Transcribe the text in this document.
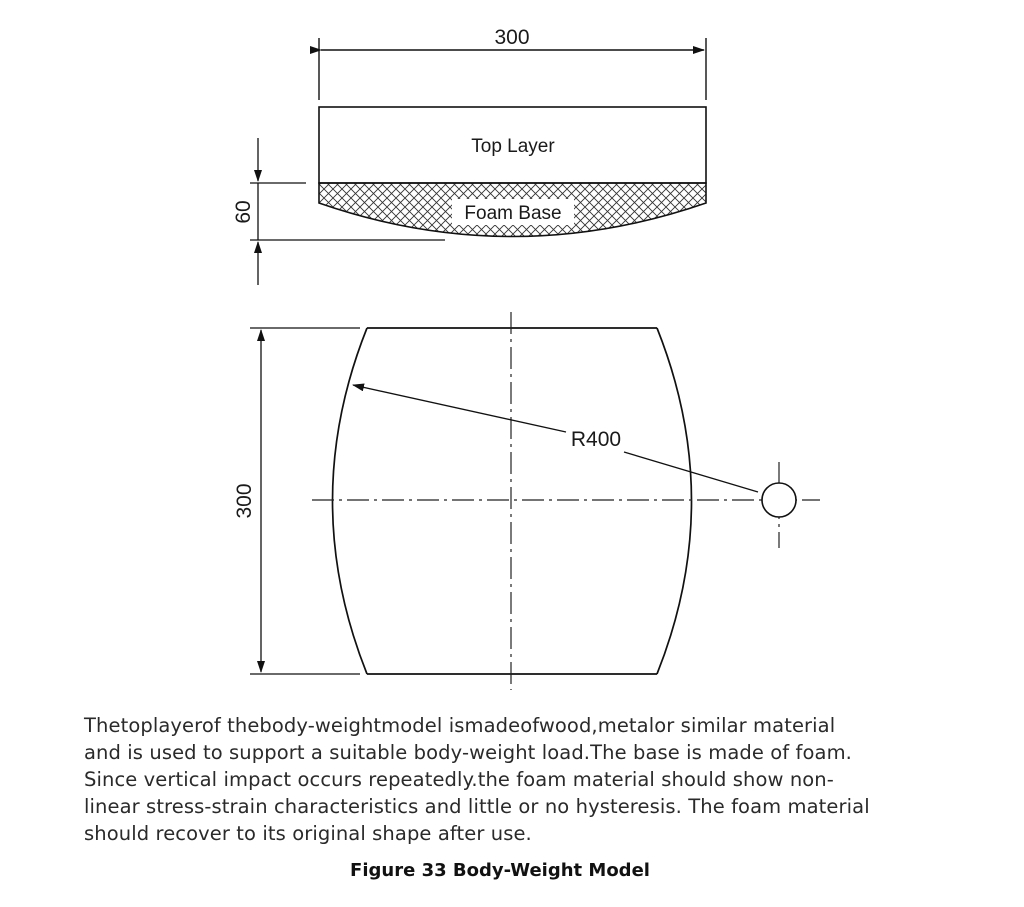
300
Top Layer
Foam Base
60
R400
300
Thetoplayerof thebody-weightmodel ismadeofwood,metalor similar material
and is used to support a suitable body-weight load.The base is made of foam.
Since vertical impact occurs repeatedly.the foam material should show non-
linear stress-strain characteristics and little or no hysteresis. The foam material
should recover to its original shape after use.
Figure 33 Body-Weight Model
